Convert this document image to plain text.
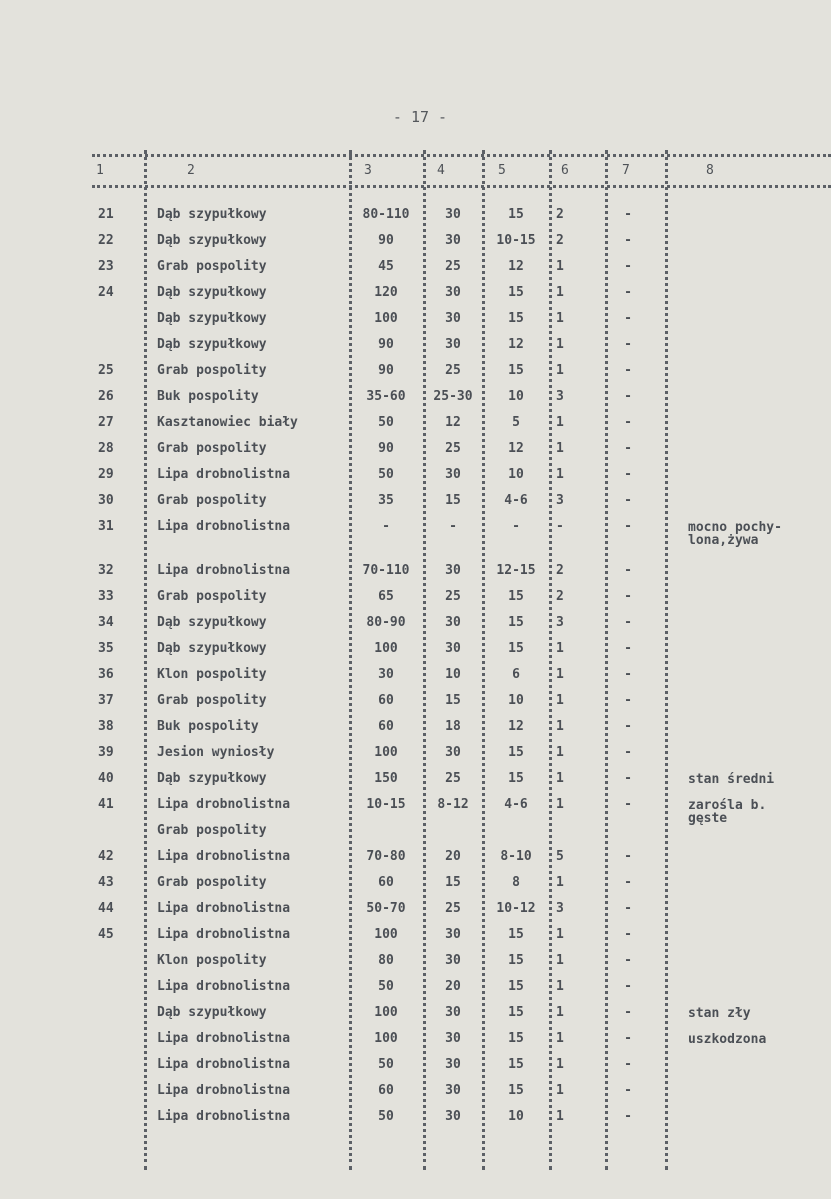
- 17 -
1	2	3	4	5	6	7	8
21	Dąb szypułkowy	80-110	30	15	2	-
22	Dąb szypułkowy	90	30	10-15	2	-
23	Grab pospolity	45	25	12	1	-
24	Dąb szypułkowy	120	30	15	1	-
Dąb szypułkowy	100	30	15	1	-
Dąb szypułkowy	90	30	12	1	-
25	Grab pospolity	90	25	15	1	-
26	Buk pospolity	35-60	25-30	10	3	-
27	Kasztanowiec biały	50	12	5	1	-
28	Grab pospolity	90	25	12	1	-
29	Lipa drobnolistna	50	30	10	1	-
30	Grab pospolity	35	15	4-6	3	-
31	Lipa drobnolistna	-	-	-	-	-	mocno pochy-
lona,żywa
32	Lipa drobnolistna	70-110	30	12-15	2	-
33	Grab pospolity	65	25	15	2	-
34	Dąb szypułkowy	80-90	30	15	3	-
35	Dąb szypułkowy	100	30	15	1	-
36	Klon pospolity	30	10	6	1	-
37	Grab pospolity	60	15	10	1	-
38	Buk pospolity	60	18	12	1	-
39	Jesion wyniosły	100	30	15	1	-
40	Dąb szypułkowy	150	25	15	1	-	stan średni
41	Lipa drobnolistna	10-15	8-12	4-6	1	-	zarośla b.
gęste
Grab pospolity
42	Lipa drobnolistna	70-80	20	8-10	5	-
43	Grab pospolity	60	15	8	1	-
44	Lipa drobnolistna	50-70	25	10-12	3	-
45	Lipa drobnolistna	100	30	15	1	-
Klon pospolity	80	30	15	1	-
Lipa drobnolistna	50	20	15	1	-
Dąb szypułkowy	100	30	15	1	-	stan zły
Lipa drobnolistna	100	30	15	1	-	uszkodzona
Lipa drobnolistna	50	30	15	1	-
Lipa drobnolistna	60	30	15	1	-
Lipa drobnolistna	50	30	10	1	-
